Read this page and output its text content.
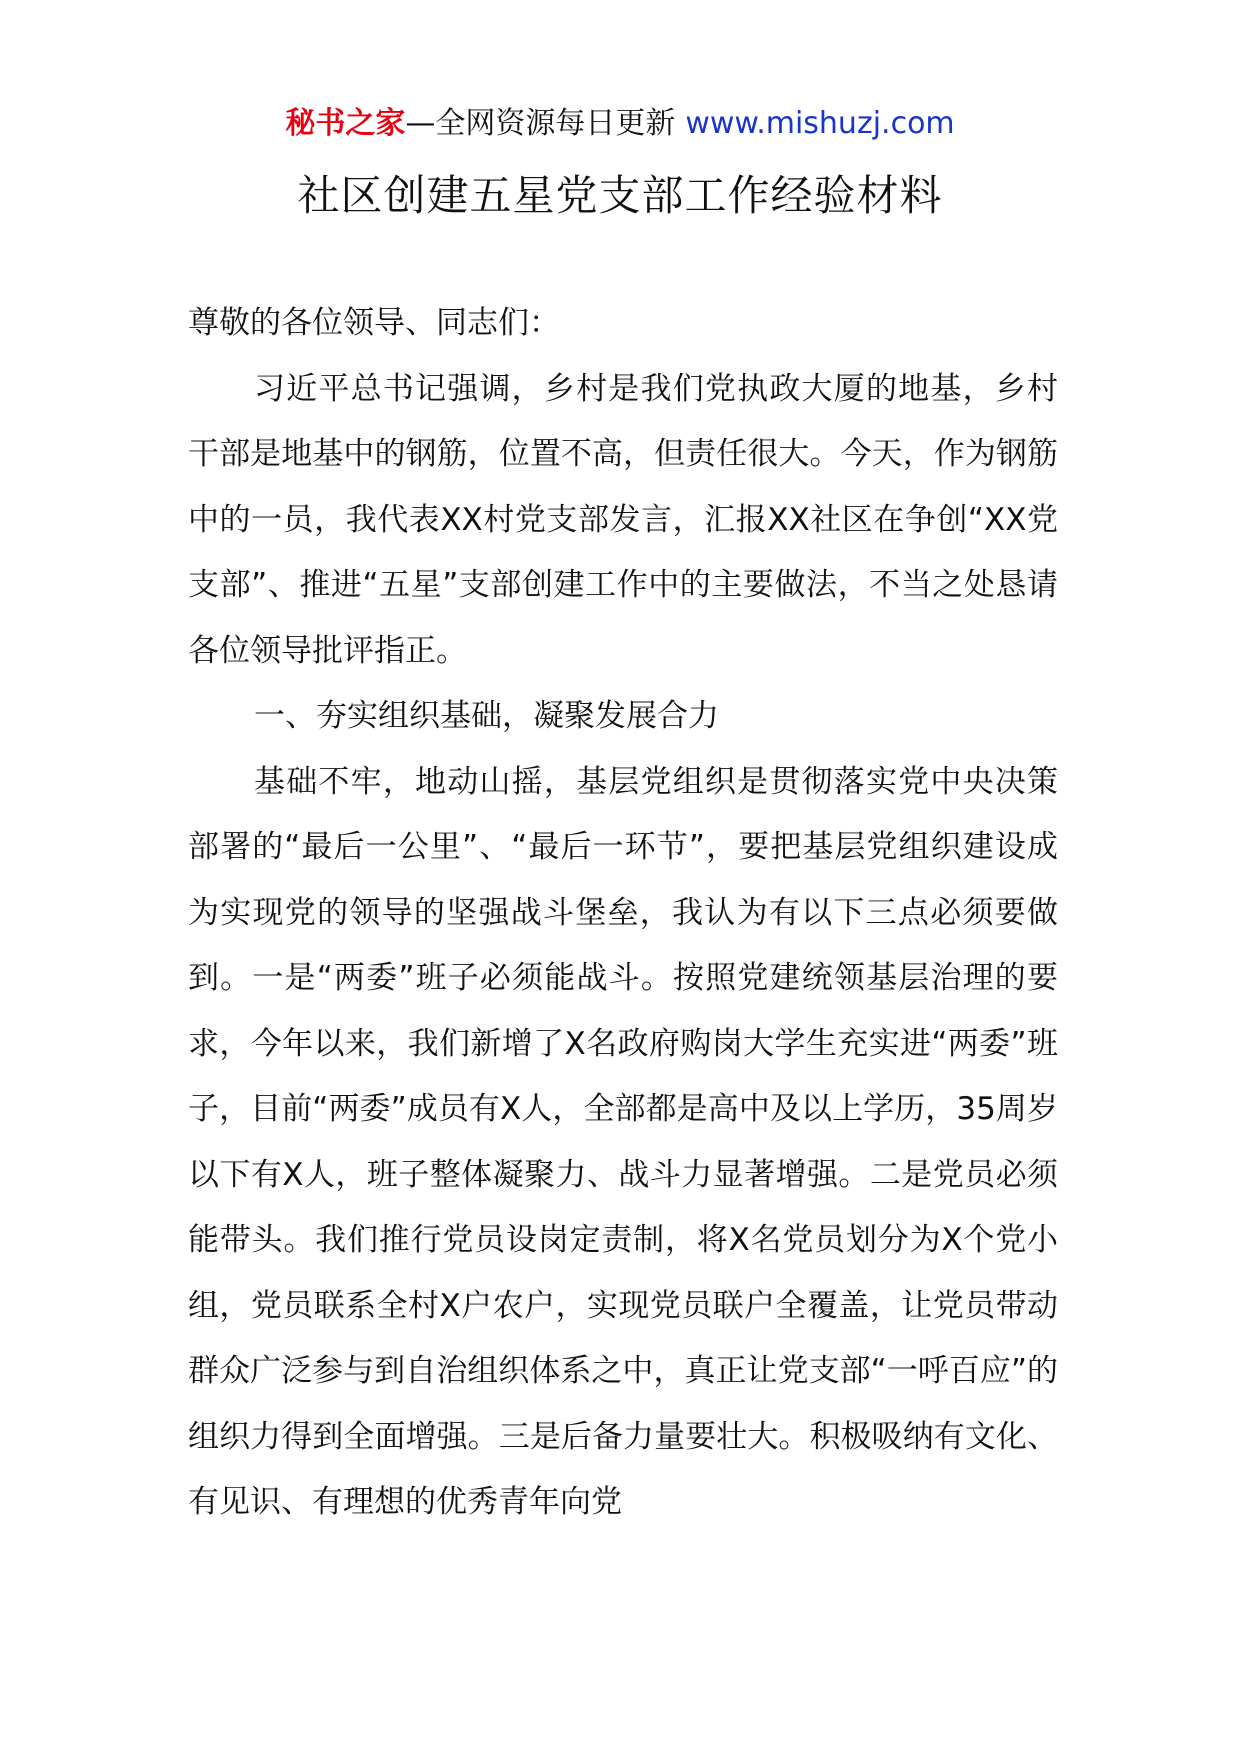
秘书之家—全网资源每日更新 www.mishuzj.com
社区创建五星党支部工作经验材料

尊敬的各位领导、同志们：

习近平总书记强调，乡村是我们党执政大厦的地基，乡村干部是地基中的钢筋，位置不高，但责任很大。今天，作为钢筋中的一员，我代表XX村党支部发言，汇报XX社区在争创“XX党支部”、推进“五星”支部创建工作中的主要做法，不当之处恳请各位领导批评指正。

一、夯实组织基础，凝聚发展合力

基础不牢，地动山摇，基层党组织是贯彻落实党中央决策部署的“最后一公里”、“最后一环节”，要把基层党组织建设成为实现党的领导的坚强战斗堡垒，我认为有以下三点必须要做到。一是“两委”班子必须能战斗。按照党建统领基层治理的要求，今年以来，我们新增了X名政府购岗大学生充实进“两委”班子，目前“两委”成员有X人，全部都是高中及以上学历，35周岁以下有X人，班子整体凝聚力、战斗力显著增强。二是党员必须能带头。我们推行党员设岗定责制，将X名党员划分为X个党小组，党员联系全村X户农户，实现党员联户全覆盖，让党员带动群众广泛参与到自治组织体系之中，真正让党支部“一呼百应”的组织力得到全面增强。三是后备力量要壮大。积极吸纳有文化、有见识、有理想的优秀青年向党
